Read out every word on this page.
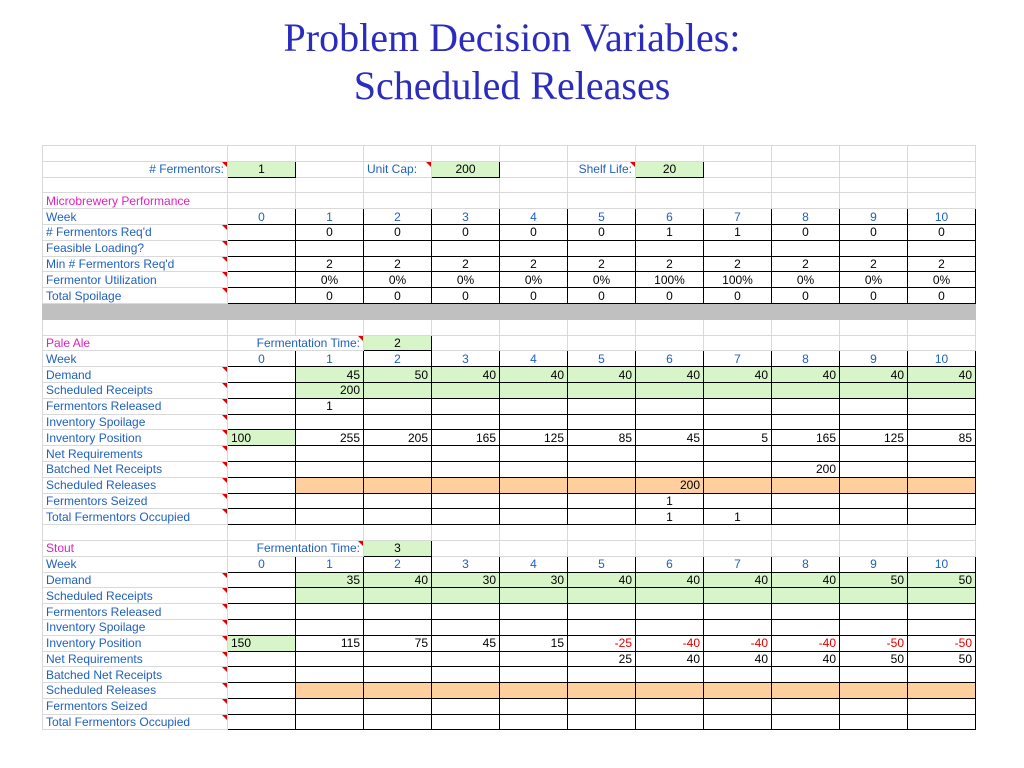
Problem Decision Variables:
Scheduled Releases

# Fermentors:	1		Unit Cap:	200		Shelf Life:	20				

Microbrewery Performance											
Week	0	1	2	3	4	5	6	7	8	9	10
# Fermentors Req'd		0	0	0	0	0	1	1	0	0	0
Feasible Loading?											
Min # Fermentors Req'd		2	2	2	2	2	2	2	2	2	2
Fermentor Utilization		0%	0%	0%	0%	0%	100%	100%	0%	0%	0%
Total Spoilage		0	0	0	0	0	0	0	0	0	0

Pale Ale	Fermentation Time:		2								
Week	0	1	2	3	4	5	6	7	8	9	10
Demand		45	50	40	40	40	40	40	40	40	40
Scheduled Receipts		200									
Fermentors Released		1									
Inventory Spoilage											
Inventory Position	100	255	205	165	125	85	45	5	165	125	85
Net Requirements											
Batched Net Receipts									200		
Scheduled Releases							200				
Fermentors Seized							1				
Total Fermentors Occupied							1	1			

Stout	Fermentation Time:		3								
Week	0	1	2	3	4	5	6	7	8	9	10
Demand		35	40	30	30	40	40	40	40	50	50
Scheduled Receipts											
Fermentors Released											
Inventory Spoilage											
Inventory Position	150	115	75	45	15	-25	-40	-40	-40	-50	-50
Net Requirements						25	40	40	40	50	50
Batched Net Receipts											
Scheduled Releases											
Fermentors Seized											
Total Fermentors Occupied											
